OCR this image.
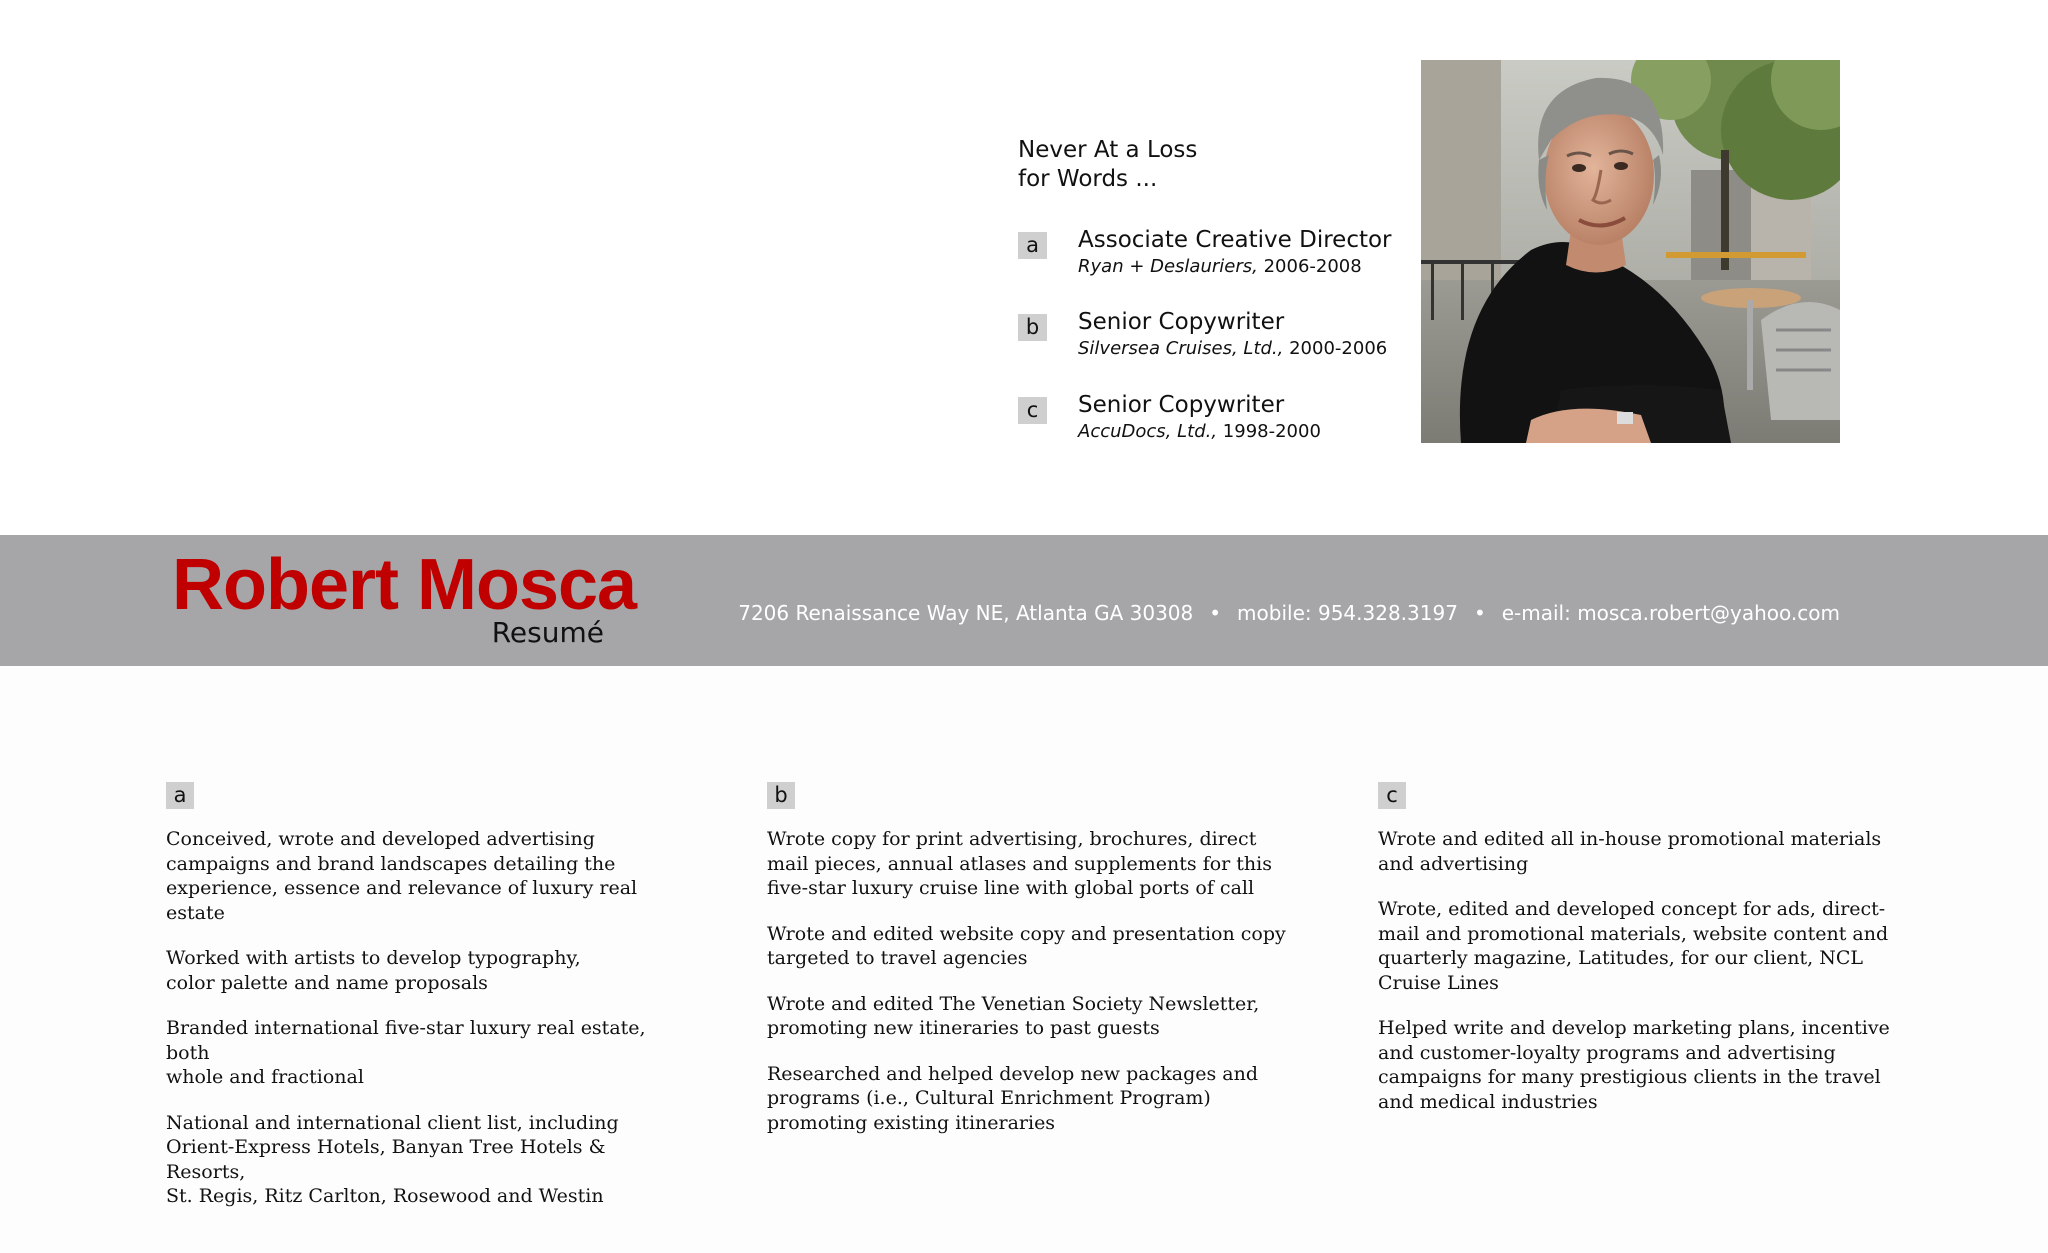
Never At a Loss
for Words ...
a	Associate Creative Director
Ryan + Deslauriers, 2006-2008
b	Senior Copywriter
Silversea Cruises, Ltd., 2000-2006
c	Senior Copywriter
AccuDocs, Ltd., 1998-2000
Robert Mosca
Resumé
7206 Renaissance Way NE, Atlanta GA 30308 • mobile: 954.328.3197 • e-mail: mosca.robert@yahoo.com
a

Conceived, wrote and developed advertising
campaigns and brand landscapes detailing the
experience, essence and relevance of luxury real estate

Worked with artists to develop typography,
color palette and name proposals

Branded international five-star luxury real estate, both
whole and fractional

National and international client list, including
Orient-Express Hotels, Banyan Tree Hotels & Resorts,
St. Regis, Ritz Carlton, Rosewood and Westin

b

Wrote copy for print advertising, brochures, direct
mail pieces, annual atlases and supplements for this
five-star luxury cruise line with global ports of call

Wrote and edited website copy and presentation copy
targeted to travel agencies

Wrote and edited The Venetian Society Newsletter,
promoting new itineraries to past guests

Researched and helped develop new packages and
programs (i.e., Cultural Enrichment Program)
promoting existing itineraries

c

Wrote and edited all in-house promotional materials
and advertising

Wrote, edited and developed concept for ads, direct-
mail and promotional materials, website content and
quarterly magazine, Latitudes, for our client, NCL
Cruise Lines

Helped write and develop marketing plans, incentive
and customer-loyalty programs and advertising
campaigns for many prestigious clients in the travel
and medical industries
